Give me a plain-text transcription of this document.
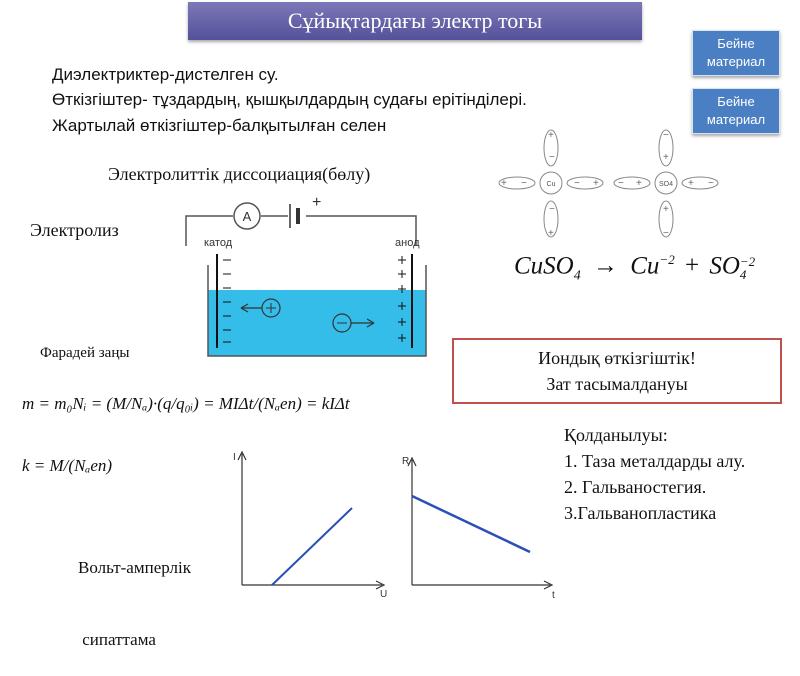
Сұйықтардағы электр тогы
Бейне
материал
Бейне
материал
Диэлектриктер-дистелген су.
Өткізгіштер- тұздардың, қышқылдардың судағы ерітінділері.
Жартылай өткізгіштер-балқытылған селен
Электролиттік диссоциация(бөлу)
Электролиз
A
+
катод	анод
Cu	SO4
+
−
−
+
+ −	− +
−
+
+
−
− +	+ −
CuSO$_4$ → $Cu^{-2}$ + SO −2
4
Фарадей заңы
m = m₀Nᵢ = (M/Nₐ)·(q/q₀ᵢ) = MIΔt/(Nₐen) = kIΔt
k = M/(Nₐen)
Иондық өткізгіштік!
Зат тасымалдануы
Қолданылуы:
1. Таза металдарды алу.
2. Гальваностегия.
3.Гальванопластика

Вольт-амперлік

сипаттама

I
U
R
t
